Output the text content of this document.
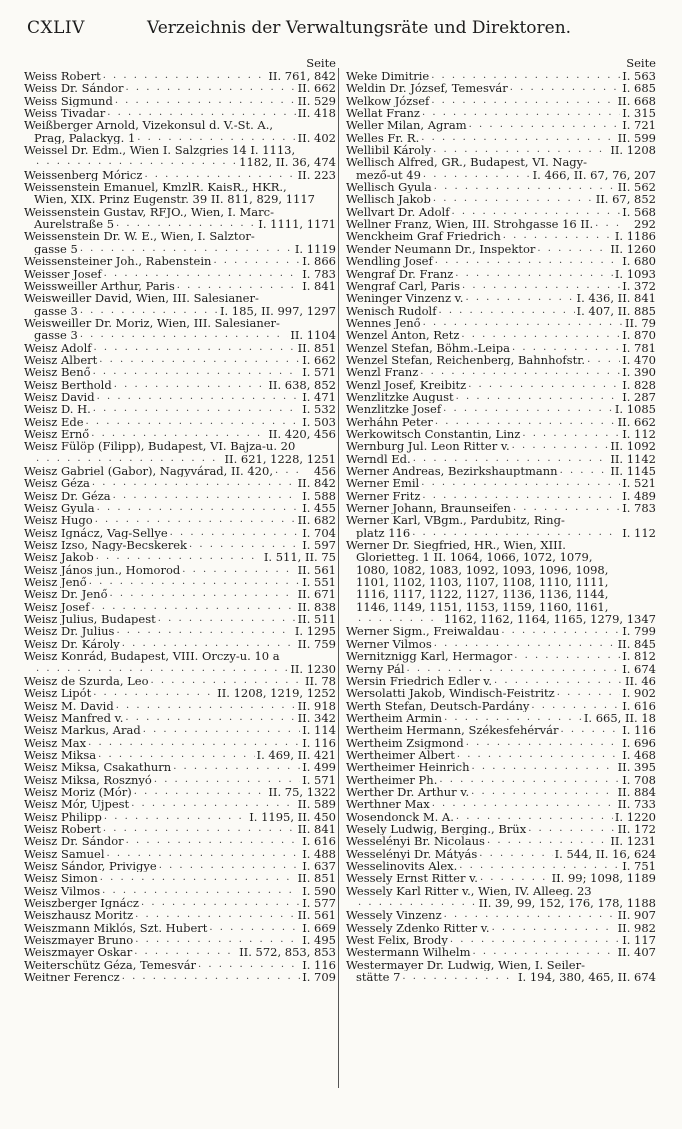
CXLIV	Verzeichnis der Verwaltungsräte und Direktoren.
Seite
Weiss Robert . . .	II. 761, 842
Weiss Dr. Sándor . . .	II. 662
Weiss Sigmund . . .	II. 529
Weiss Tivadar . . .	II. 418
Weißberger Arnold, Vizekonsul d. V.-St. A.,
Prag, Palackyg. 1 . . .	II. 402
Weissel Dr. Edm., Wien I. Salzgries 14 I. 1113,
. . .
1182, II. 36, 474
Weissenberg Móricz . . .	II. 223
Weissenstein Emanuel, KmzlR. KaisR., HKR.,
Wien, XIX. Prinz Eugenstr. 39 II. 811, 829, 1117
Weissenstein Gustav, RFJO., Wien, I. Marc-
Aurelstraße 5 . . .	I. 1111, 1171
Weissenstein Dr. W. E., Wien, I. Salztor-
gasse 5 . . .	I. 1119
Weissensteiner Joh., Rabenstein . . .	I. 866
Weisser Josef . . .	I. 783
Weissweiller Arthur, Paris . . .	I. 841
Weisweiller David, Wien, III. Salesianer-
gasse 3 . . .	I. 185, II. 997, 1297
Weisweiller Dr. Moriz, Wien, III. Salesianer-
gasse 3 . . .	II. 1104
Weisz Adolf . . .	II. 851
Weisz Albert . . .	I. 662
Weisz Benő . . .	I. 571
Weisz Berthold . . .	II. 638, 852
Weisz David . . .	I. 471
Weisz D. H. . . .	I. 532
Weisz Ede . . .	I. 503
Weisz Ernő . . .	II. 420, 456
Weisz Fülöp (Filipp), Budapest, VI. Bajza-u. 20
. . .
II. 621, 1228, 1251
Weisz Gabriel (Gabor), Nagyvárad, II. 420, . . .	456
Weisz Géza . . .	II. 842
Weisz Dr. Géza . . .	I. 588
Weisz Gyula . . .	I. 455
Weisz Hugo . . .	II. 682
Weisz Ignácz, Vag-Sellye . . .	I. 704
Weisz Izso, Nagy-Becskerek . . .	I. 597
Weisz Jakob . . .	I. 511, II. 75
Weisz János jun., Homorod . . .	II. 561
Weisz Jenő . . .	I. 551
Weisz Dr. Jenő . . .	II. 671
Weisz Josef . . .	II. 838
Weisz Julius, Budapest . . .	II. 511
Weisz Dr. Julius . . .	I. 1295
Weisz Dr. Károly . . .	II. 759
Weisz Konrád, Budapest, VIII. Orczy-u. 10 a
. . .
II. 1230
Weisz de Szurda, Leo . . .	II. 78
Weisz Lipót . . .	II. 1208, 1219, 1252
Weisz M. David . . .	II. 918
Weisz Manfred v. . . .	II. 342
Weisz Markus, Arad . . .	I. 114
Weisz Max . . .	I. 116
Weisz Miksa . . .	I. 469, II. 421
Weisz Miksa, Csakathurn . . .	I. 499
Weisz Miksa, Rosznyó . . .	I. 571
Weisz Moriz (Mór) . . .	II. 75, 1322
Weisz Mór, Ujpest . . .	II. 589
Weisz Philipp . . .	I. 1195, II. 450
Weisz Robert . . .	II. 841
Weisz Dr. Sándor . . .	I. 616
Weisz Samuel . . .	I. 488
Weisz Sándor, Privigye . . .	I. 637
Weisz Simon . . .	II. 851
Weisz Vilmos . . .	I. 590
Weiszberger Ignácz . . .	I. 577
Weiszhausz Moritz . . .	II. 561
Weiszmann Miklós, Szt. Hubert . . .	I. 669
Weiszmayer Bruno . . .	I. 495
Weiszmayer Oskar . . .	II. 572, 853, 853
Weiterschütz Géza, Temesvár . . .	I. 116
Weitner Ferencz . . .	I. 709
Seite
Weke Dimitrie . . .	I. 563
Weldin Dr. József, Temesvár . . .	I. 685
Welkow József . . .	II. 668
Wellat Franz . . .	I. 315
Weller Milan, Agram . . .	I. 721
Welles Fr. R. . . .	II. 599
Wellibil Károly . . .	II. 1208
Wellisch Alfred, GR., Budapest, VI. Nagy-
mező-ut 49 . . .	I. 466, II. 67, 76, 207
Wellisch Gyula . . .	II. 562
Wellisch Jakob . . .	II. 67, 852
Wellvart Dr. Adolf . . .	I. 568
Wellner Franz, Wien, III. Strohgasse 16 II. . . .	292
Wenckheim Graf Friedrich . . .	I. 1186
Wender Neumann Dr., Inspektor . . .	II. 1260
Wendling Josef . . .	I. 680
Wengraf Dr. Franz . . .	I. 1093
Wengraf Carl, Paris . . .	I. 372
Weninger Vinzenz v. . . .	I. 436, II. 841
Wenisch Rudolf . . .	I. 407, II. 885
Wennes Jenő . . .	II. 79
Wenzel Anton, Retz . . .	I. 870
Wenzel Stefan, Böhm.-Leipa . . .	I. 781
Wenzel Stefan, Reichenberg, Bahnhofstr. . . .	I. 470
Wenzl Franz . . .	I. 390
Wenzl Josef, Kreibitz . . .	I. 828
Wenzlitzke August . . .	I. 287
Wenzlitzke Josef . . .	I. 1085
Werháhn Peter . . .	II. 662
Werkowitsch Constantin, Linz . . .	I. 112
Wernburg Jul. Leon Ritter v. . . .	II. 1092
Werndl Ed. . . .	II. 1142
Werner Andreas, Bezirkshauptmann . . .	II. 1145
Werner Emil . . .	I. 521
Werner Fritz . . .	I. 489
Werner Johann, Braunseifen . . .	I. 783
Werner Karl, VBgm., Pardubitz, Ring-
platz 116 . . .	I. 112
Werner Dr. Siegfried, HR., Wien, XIII.
Glorietteg. 1 II. 1064, 1066, 1072, 1079,
1080, 1082, 1083, 1092, 1093, 1096, 1098,
1101, 1102, 1103, 1107, 1108, 1110, 1111,
1116, 1117, 1122, 1127, 1136, 1136, 1144,
1146, 1149, 1151, 1153, 1159, 1160, 1161,
. . .
1162, 1162, 1164, 1165, 1279, 1347
Werner Sigm., Freiwaldau . . .	I. 799
Werner Vilmos . . .	II. 845
Wernitznigg Karl, Hermagor . . .	I. 812
Werny Pál . . .	I. 674
Wersin Friedrich Edler v. . . .	II. 46
Wersolatti Jakob, Windisch-Feistritz . . .	I. 902
Werth Stefan, Deutsch-Pardány . . .	I. 616
Wertheim Armin . . .	I. 665, II. 18
Wertheim Hermann, Székesfehérvár . . .	I. 116
Wertheim Zsigmond . . .	I. 696
Wertheimer Albert . . .	I. 468
Wertheimer Heinrich . . .	II. 395
Wertheimer Ph. . . .	I. 708
Werther Dr. Arthur v. . . .	II. 884
Werthner Max . . .	II. 733
Wosendonck M. A. . . .	I. 1220
Wesely Ludwig, Berging., Brüx . . .	II. 172
Wesselényi Br. Nicolaus . . .	II. 1231
Wesselényi Dr. Mátyás . . .	I. 544, II. 16, 624
Wesselinovits Alex. . . .	I. 751
Wessely Ernst Ritter v. . . .	II. 99; 1098, 1189
Wessely Karl Ritter v., Wien, IV. Alleeg. 23
. . .
II. 39, 99, 152, 176, 178, 1188
Wessely Vinzenz . . .	II. 907
Wessely Zdenko Ritter v. . . .	II. 982
West Felix, Brody . . .	I. 117
Westermann Wilhelm . . .	II. 407
Westermayer Dr. Ludwig, Wien, I. Seiler-
stätte 7 . . .	I. 194, 380, 465, II. 674
